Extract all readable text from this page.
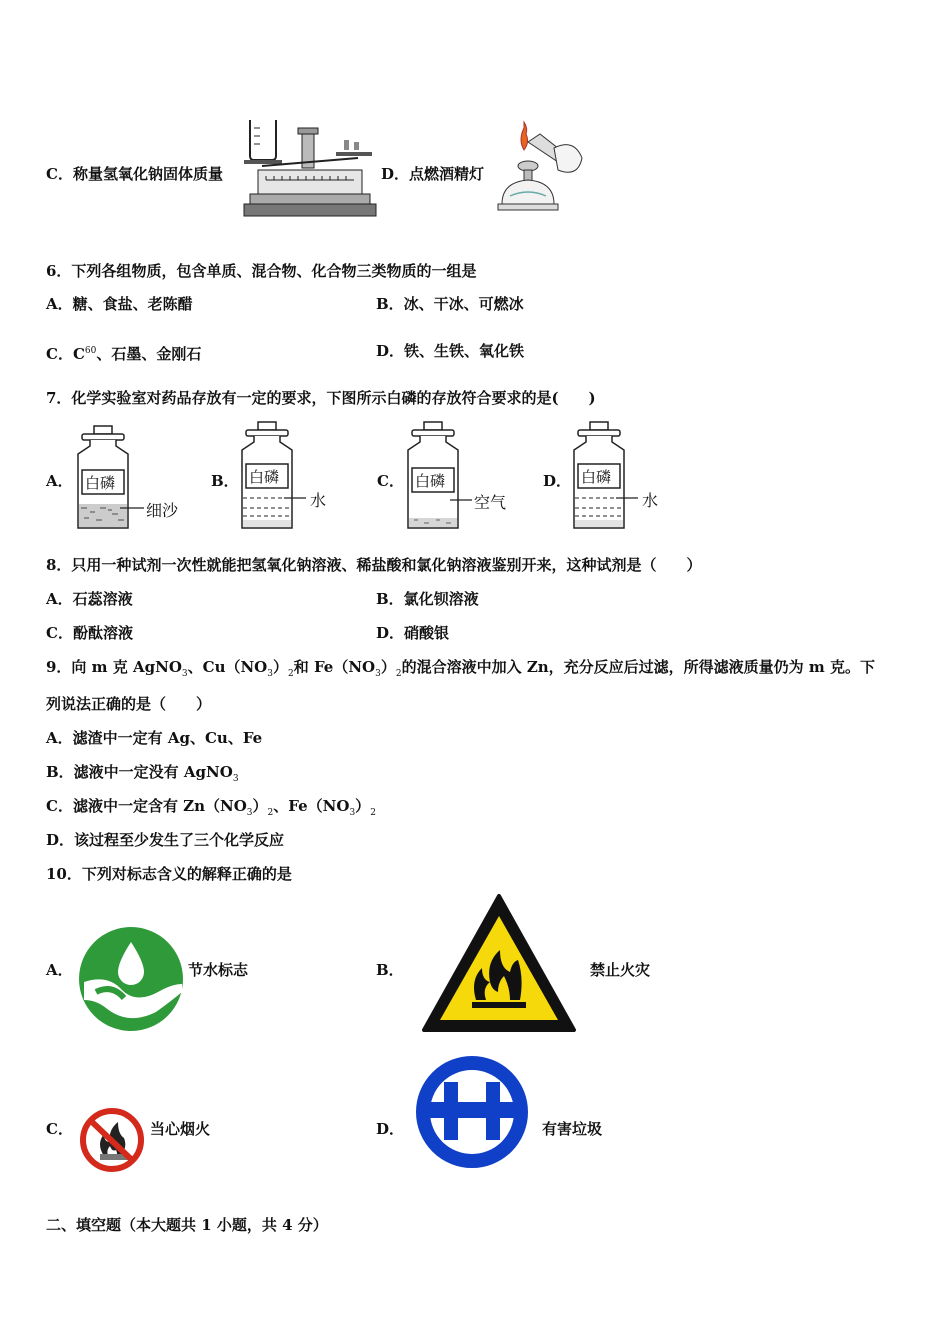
C．称量氢氧化钠固体质量	D．点燃酒精灯
6．下列各组物质，包含单质、混合物、化合物三类物质的一组是
A．糖、食盐、老陈醋	B．冰、干冰、可燃冰
C．$C^{60}$、石墨、金刚石	D．铁、生铁、氧化铁
7．化学实验室对药品存放有一定的要求，下图所示白磷的存放符合要求的是(　　)
A． 白磷
细沙
B． 白磷
水
C． 白磷
空气
D． 白磷
水
8．只用一种试剂一次性就能把氢氧化钠溶液、稀盐酸和氯化钠溶液鉴别开来，这种试剂是（　　）
A．石蕊溶液	B．氯化钡溶液
C．酚酞溶液	D．硝酸银
9．向 m 克 AgNO$_3$、$Cu(NO_3)_2$和 $Fe(NO_3)_2$的混合溶液中加入 Zn，充分反应后过滤，所得滤液质量仍为 m 克。下
列说法正确的是（　　）
A．滤渣中一定有 Ag、Cu、Fe
B．滤液中一定没有 AgNO$_3$
C．滤液中一定含有 $Zn(NO_3)_2$、$Fe(NO_3)_2$
D．该过程至少发生了三个化学反应
10．下列对标志含义的解释正确的是
A．	节水标志	B．	禁止火灾
C．	当心烟火	D．	有害垃圾
二、填空题（本大题共 1 小题，共 4 分）
